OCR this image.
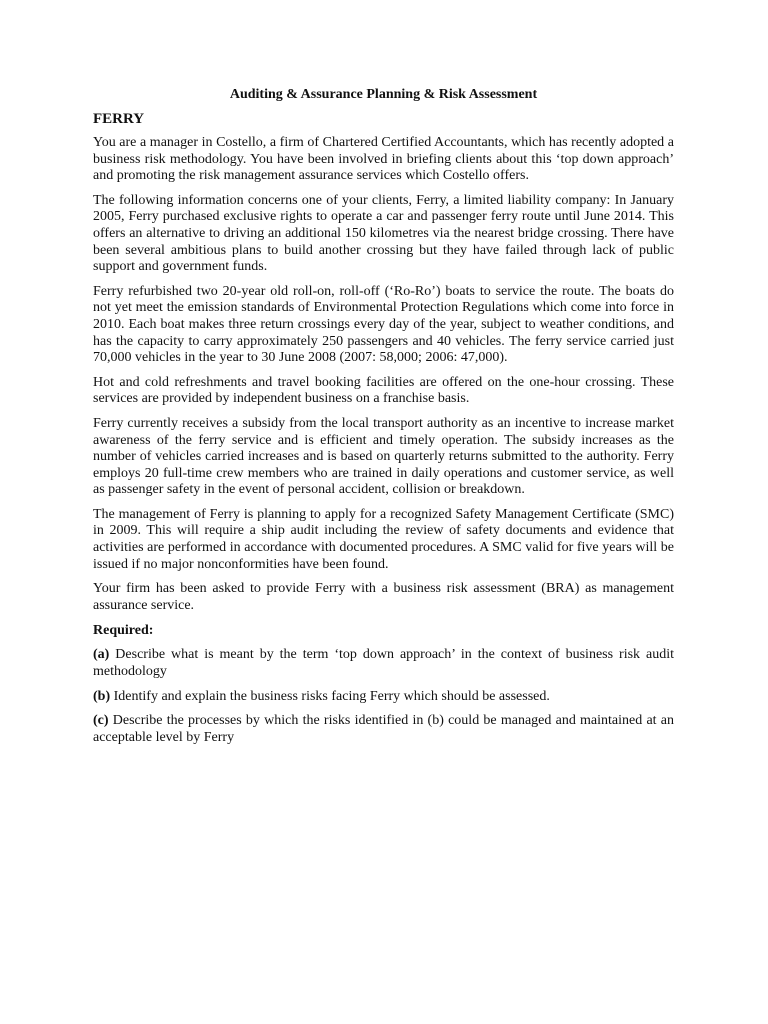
Auditing & Assurance Planning & Risk Assessment
FERRY

You are a manager in Costello, a firm of Chartered Certified Accountants, which has recently adopted a business risk methodology. You have been involved in briefing clients about this ‘top down approach’ and promoting the risk management assurance services which Costello offers.

The following information concerns one of your clients, Ferry, a limited liability company: In January 2005, Ferry purchased exclusive rights to operate a car and passenger ferry route until June 2014. This offers an alternative to driving an additional 150 kilometres via the nearest bridge crossing. There have been several ambitious plans to build another crossing but they have failed through lack of public support and government funds.

Ferry refurbished two 20-year old roll-on, roll-off (‘Ro-Ro’) boats to service the route. The boats do not yet meet the emission standards of Environmental Protection Regulations which come into force in 2010. Each boat makes three return crossings every day of the year, subject to weather conditions, and has the capacity to carry approximately 250 passengers and 40 vehicles. The ferry service carried just 70,000 vehicles in the year to 30 June 2008 (2007: 58,000; 2006: 47,000).

Hot and cold refreshments and travel booking facilities are offered on the one-hour crossing. These services are provided by independent business on a franchise basis.

Ferry currently receives a subsidy from the local transport authority as an incentive to increase market awareness of the ferry service and is efficient and timely operation. The subsidy increases as the number of vehicles carried increases and is based on quarterly returns submitted to the authority. Ferry employs 20 full-time crew members who are trained in daily operations and customer service, as well as passenger safety in the event of personal accident, collision or breakdown.

The management of Ferry is planning to apply for a recognized Safety Management Certificate (SMC) in 2009. This will require a ship audit including the review of safety documents and evidence that activities are performed in accordance with documented procedures. A SMC valid for five years will be issued if no major nonconformities have been found.

Your firm has been asked to provide Ferry with a business risk assessment (BRA) as management assurance service.

Required:

(a) Describe what is meant by the term ‘top down approach’ in the context of business risk audit methodology

(b) Identify and explain the business risks facing Ferry which should be assessed.

(c) Describe the processes by which the risks identified in (b) could be managed and maintained at an acceptable level by Ferry
